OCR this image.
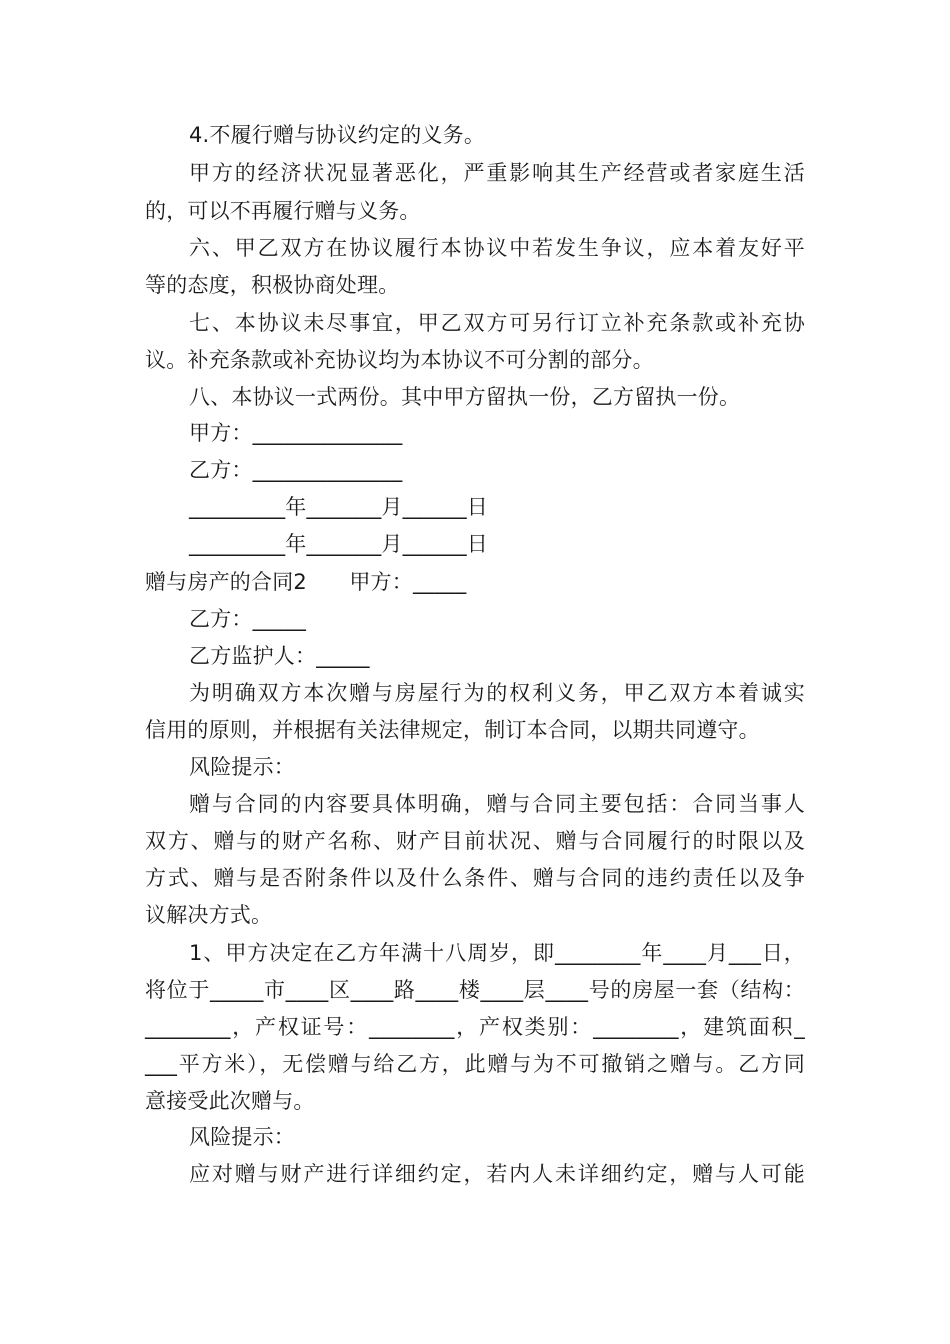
4.不履行赠与协议约定的义务。
甲方的经济状况显著恶化，严重影响其生产经营或者家庭生活
的，可以不再履行赠与义务。
六、甲乙双方在协议履行本协议中若发生争议，应本着友好平
等的态度，积极协商处理。
七、本协议未尽事宜，甲乙双方可另行订立补充条款或补充协
议。补充条款或补充协议均为本协议不可分割的部分。
八、本协议一式两份。其中甲方留执一份，乙方留执一份。
甲方：______________
乙方：______________
_________年_______月______日
_________年_______月______日
赠与房产的合同2　　甲方：_____
乙方：_____
乙方监护人：_____
为明确双方本次赠与房屋行为的权利义务，甲乙双方本着诚实
信用的原则，并根据有关法律规定，制订本合同，以期共同遵守。
风险提示：
赠与合同的内容要具体明确，赠与合同主要包括：合同当事人
双方、赠与的财产名称、财产目前状况、赠与合同履行的时限以及
方式、赠与是否附条件以及什么条件、赠与合同的违约责任以及争
议解决方式。
1、甲方决定在乙方年满十八周岁，即________年____月___日，
将位于_____市____区____路____楼____层____号的房屋一套（结构：
________，产权证号：________，产权类别：________，建筑面积_
___平方米），无偿赠与给乙方，此赠与为不可撤销之赠与。乙方同
意接受此次赠与。
风险提示：
应对赠与财产进行详细约定，若内人未详细约定，赠与人可能
